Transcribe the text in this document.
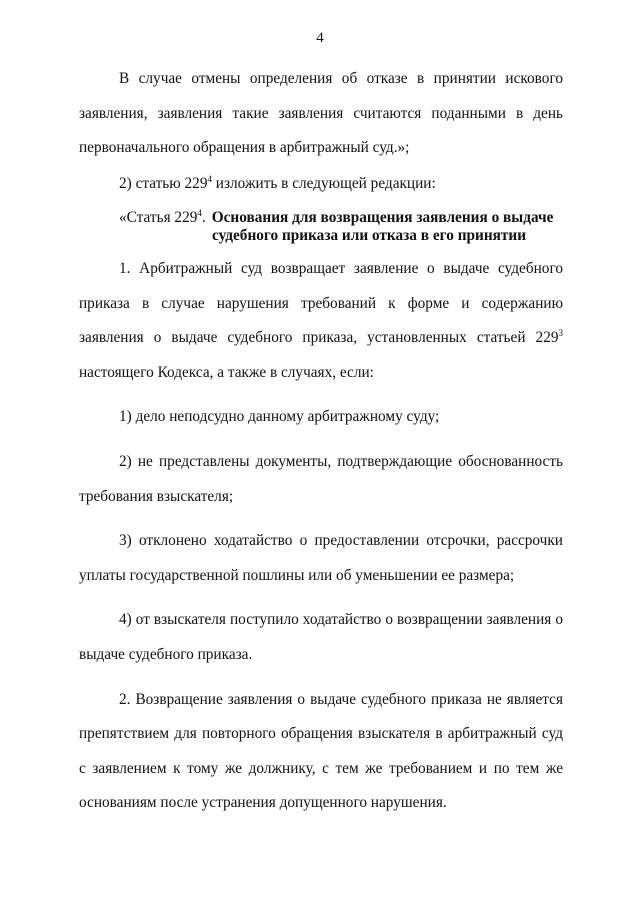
4

В случае отмены определения об отказе в принятии искового заявления, заявления такие заявления считаются поданными в день первоначального обращения в арбитражный суд.»;

2) статью $229^4$ изложить в следующей редакции:

«Статья $229^4$. Основания для возвращения заявления о выдаче
судебного приказа или отказа в его принятии

1. Арбитражный суд возвращает заявление о выдаче судебного приказа в случае нарушения требований к форме и содержанию заявления о выдаче судебного приказа, установленных статьей $229^3$ настоящего Кодекса, а также в случаях, если:

1) дело неподсудно данному арбитражному суду;

2) не представлены документы, подтверждающие обоснованность требования взыскателя;

3) отклонено ходатайство о предоставлении отсрочки, рассрочки уплаты государственной пошлины или об уменьшении ее размера;

4) от взыскателя поступило ходатайство о возвращении заявления о выдаче судебного приказа.

2. Возвращение заявления о выдаче судебного приказа не является препятствием для повторного обращения взыскателя в арбитражный суд с заявлением к тому же должнику, с тем же требованием и по тем же основаниям после устранения допущенного нарушения.
